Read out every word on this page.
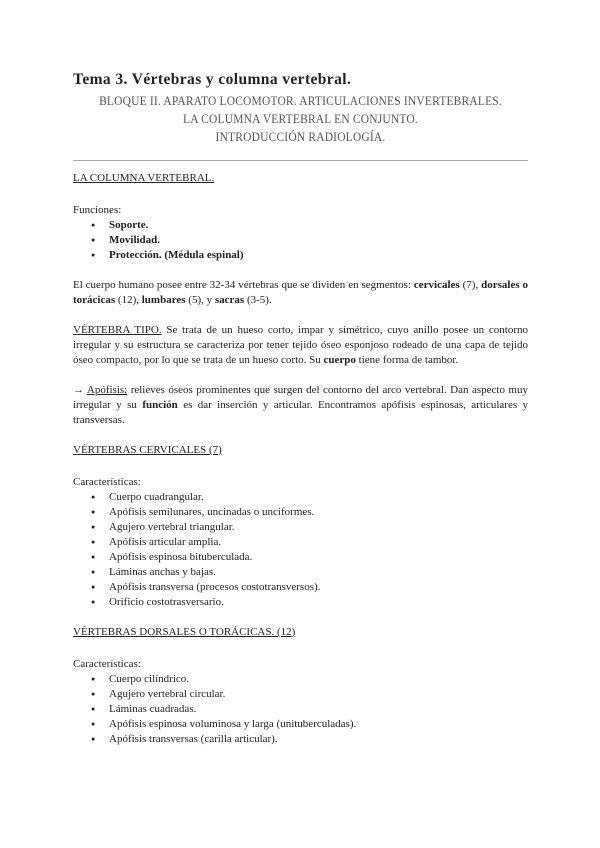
Tema 3. Vértebras y columna vertebral.
BLOQUE II. APARATO LOCOMOTOR. ARTICULACIONES INVERTEBRALES. LA COLUMNA VERTEBRAL EN CONJUNTO.
INTRODUCCIÓN RADIOLOGÍA.
LA COLUMNA VERTEBRAL.

Funciones:

● Soporte.
● Movilidad.
● Protección. (Médula espinal)

El cuerpo humano posee entre 32-34 vértebras que se dividen en segmentos: cervicales (7), dorsales o torácicas (12), lumbares (5), y sacras (3-5).

VÉRTEBRA TIPO. Se trata de un hueso corto, impar y simétrico, cuyo anillo posee un contorno irregular y su estructura se caracteriza por tener tejido óseo esponjoso rodeado de una capa de tejido óseo compacto, por lo que se trata de un hueso corto. Su cuerpo tiene forma de tambor.

→ Apófisis: relieves óseos prominentes que surgen del contorno del arco vertebral. Dan aspecto muy irregular y su función es dar inserción y articular. Encontramos apófisis espinosas, articulares y transversas.

VÉRTEBRAS CERVICALES (7)

Características:

● Cuerpo cuadrangular.
● Apófisis semilunares, uncinadas o unciformes.
● Agujero vertebral triangular.
● Apófisis articular amplia.
● Apófisis espinosa bituberculada.
● Láminas anchas y bajas.
● Apófisis transversa (procesos costotransversos).
● Orificio costotrasversario.
VÉRTEBRAS DORSALES O TORÁCICAS. (12)

Características:

● Cuerpo cilíndrico.
● Agujero vertebral circular.
● Láminas cuadradas.
● Apófisis espinosa voluminosa y larga (unituberculadas).
● Apófisis transversas (carilla articular).
